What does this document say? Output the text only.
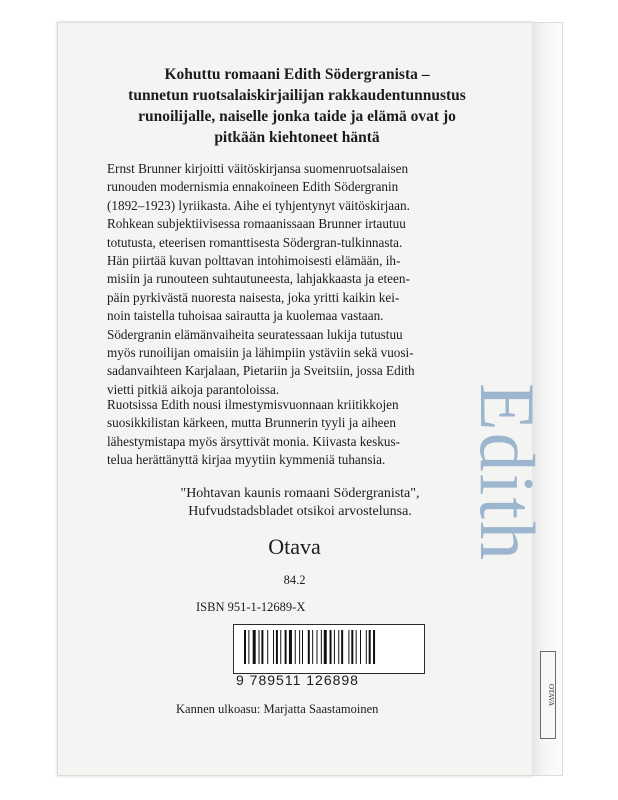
Edith
OTAVA
Kohuttu romaani Edith Södergranista –
tunnetun ruotsalaiskirjailijan rakkaudentunnustus
runoilijalle, naiselle jonka taide ja elämä ovat jo
pitkään kiehtoneet häntä

Ernst Brunner kirjoitti väitöskirjansa suomenruotsalaisen
runouden modernismia ennakoineen Edith Södergranin
(1892–1923) lyriikasta. Aihe ei tyhjentynyt väitöskirjaan.
Rohkean subjektiivisessa romaanissaan Brunner irtautuu
totutusta, eteerisen romanttisesta Södergran-tulkinnasta.
Hän piirtää kuvan polttavan intohimoisesti elämään, ih-
misiin ja runouteen suhtautuneesta, lahjakkaasta ja eteen-
päin pyrkivästä nuoresta naisesta, joka yritti kaikin kei-
noin taistella tuhoisaa sairautta ja kuolemaa vastaan.
Södergranin elämänvaiheita seuratessaan lukija tutustuu
myös runoilijan omaisiin ja lähimpiin ystäviin sekä vuosi-
sadanvaihteen Karjalaan, Pietariin ja Sveitsiin, jossa Edith
vietti pitkiä aikoja parantoloissa.

Ruotsissa Edith nousi ilmestymisvuonnaan kriitikkojen
suosikkilistan kärkeen, mutta Brunnerin tyyli ja aiheen
lähestymistapa myös ärsyttivät monia. Kiivasta keskus-
telua herättänyttä kirjaa myytiin kymmeniä tuhansia.

"Hohtavan kaunis romaani Södergranista",
Hufvudstadsbladet otsikoi arvostelunsa.
Otava
84.2
ISBN 951-1-12689-X
9 789511 126898
Kannen ulkoasu: Marjatta Saastamoinen
